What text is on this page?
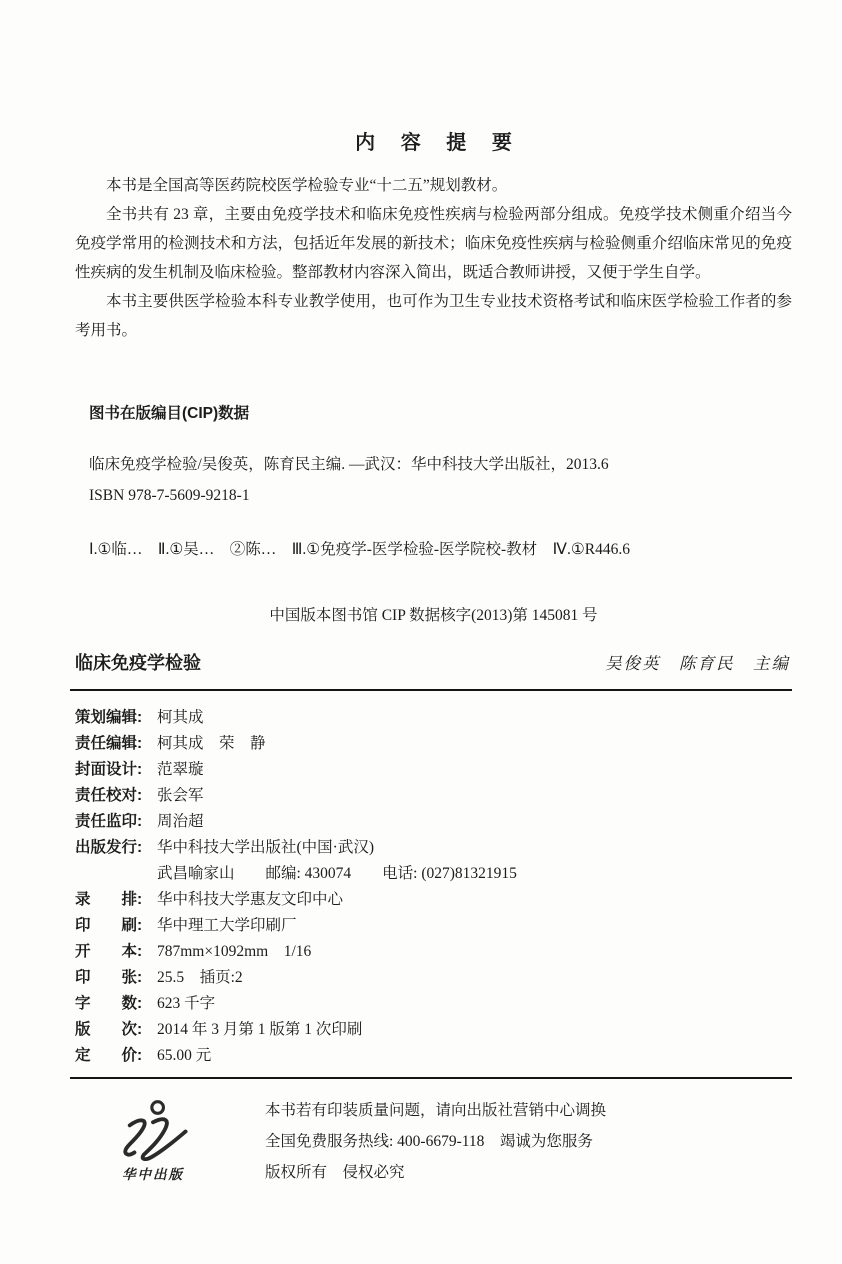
内 容 提 要

本书是全国高等医药院校医学检验专业“十二五”规划教材。

全书共有 23 章，主要由免疫学技术和临床免疫性疾病与检验两部分组成。免疫学技术侧重介绍当今免疫学常用的检测技术和方法，包括近年发展的新技术；临床免疫性疾病与检验侧重介绍临床常见的免疫性疾病的发生机制及临床检验。整部教材内容深入简出，既适合教师讲授，又便于学生自学。

本书主要供医学检验本科专业教学使用，也可作为卫生专业技术资格考试和临床医学检验工作者的参考用书。

图书在版编目(CIP)数据
临床免疫学检验/吴俊英，陈育民主编. —武汉：华中科技大学出版社，2013.6
ISBN 978-7-5609-9218-1
Ⅰ.①临…　Ⅱ.①吴…　②陈…　Ⅲ.①免疫学-医学检验-医学院校-教材　Ⅳ.①R446.6
中国版本图书馆 CIP 数据核字(2013)第 145081 号
临床免疫学检验	吴俊英　陈育民　主编
策划编辑: 柯其成
责任编辑: 柯其成　荣　静
封面设计: 范翠璇
责任校对: 张会军
责任监印: 周治超
出版发行: 华中科技大学出版社(中国·武汉)
武昌喻家山　　邮编: 430074　　电话: (027)81321915
录　　排: 华中科技大学惠友文印中心
印　　刷: 华中理工大学印刷厂
开　　本: 787mm×1092mm　1/16
印　　张: 25.5　插页:2
字　　数: 623 千字
版　　次: 2014 年 3 月第 1 版第 1 次印刷
定　　价: 65.00 元
华中出版
本书若有印装质量问题，请向出版社营销中心调换
全国免费服务热线: 400-6679-118　竭诚为您服务
版权所有　侵权必究
